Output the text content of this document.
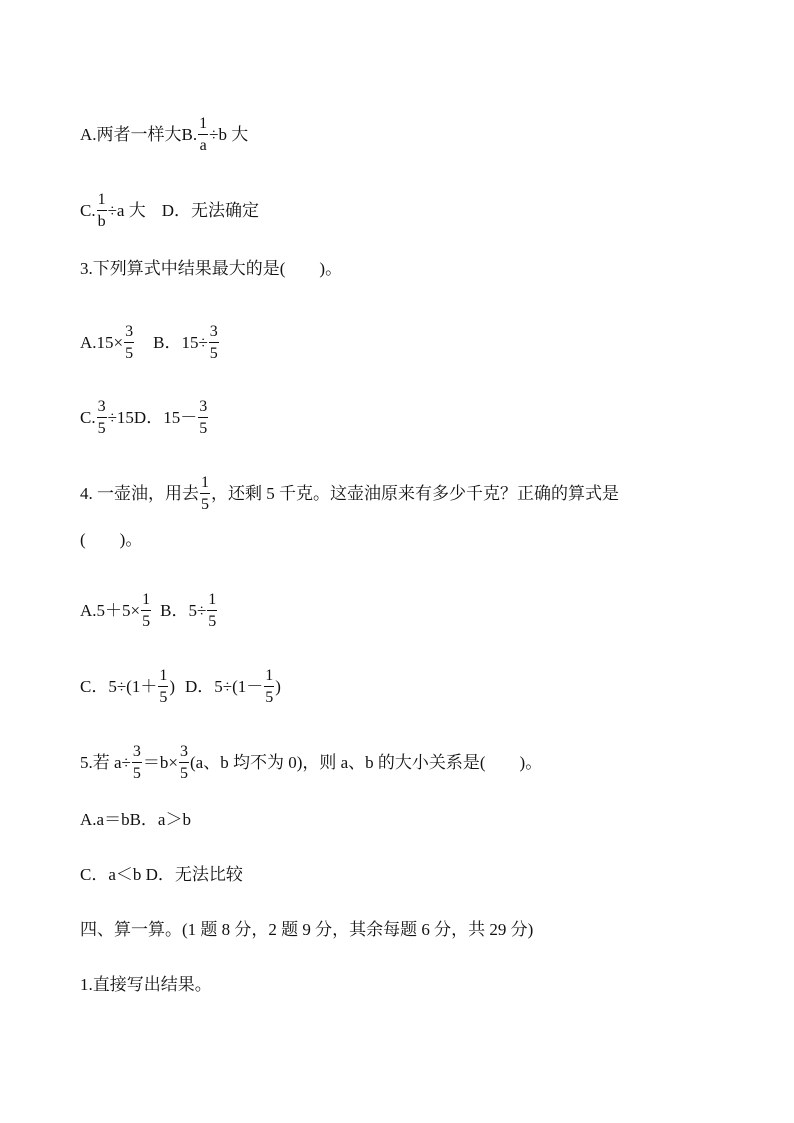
A.两者一样大B. $\frac{1}{a} \div b$ 大
C. $\frac{1}{b} \div a$ 大 D．无法确定
3.下列算式中结果最大的是(　　)。
$A.15\times \frac{3}{5}$ B．$15\div \frac{3}{5}$
C. $\frac{3}{5} \div 15D$．$15- \frac{3}{5}$
4. 一壶油，用去 $\frac{1}{5}$ ，还剩 5 千克。这壶油原来有多少千克？正确的算式是
(　　)。
$A.5+5\times \frac{1}{5}$ B．$5\div \frac{1}{5}$
C．$5\div(1+ \frac{1}{5}$ ) D．$5\div(1- \frac{1}{5}$ )
5.若 $a\div \frac{3}{5} =b\times \frac{3}{5} (a$、b 均不为 0)，则 a、b 的大小关系是(　　)。
A.a＝bB．a＞b
C．a＜b D．无法比较
四、算一算。(1 题 8 分，2 题 9 分，其余每题 6 分，共 29 分)
1.直接写出结果。
